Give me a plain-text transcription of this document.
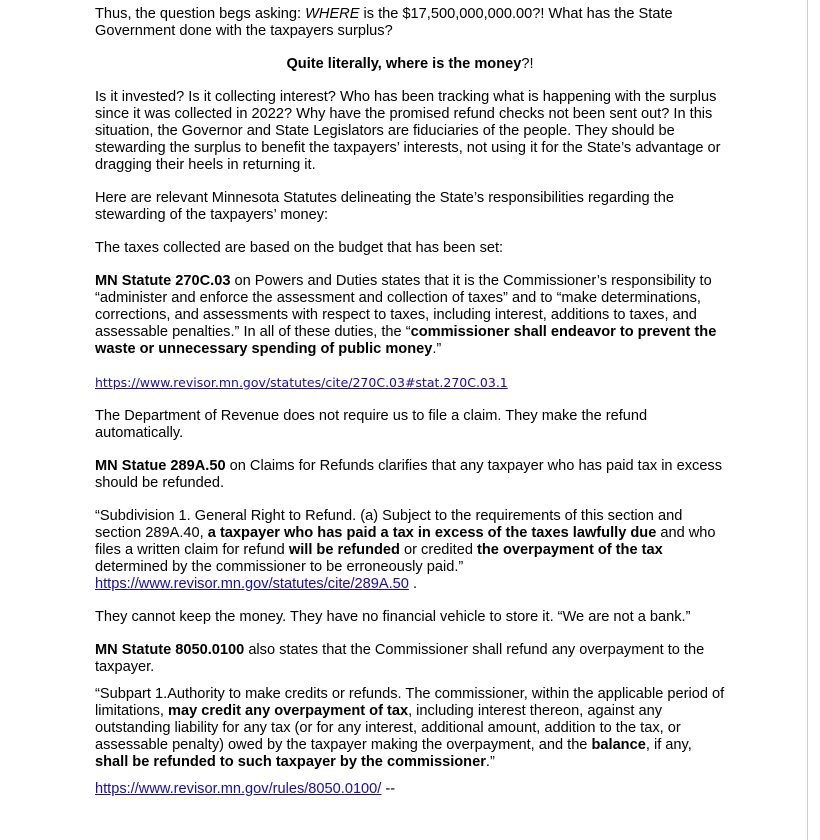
Thus, the question begs asking: WHERE is the $17,500,000,000.00?! What has the State Government done with the taxpayers surplus?

Quite literally, where is the money?!

Is it invested? Is it collecting interest? Who has been tracking what is happening with the surplus since it was collected in 2022? Why have the promised refund checks not been sent out? In this situation, the Governor and State Legislators are fiduciaries of the people. They should be stewarding the surplus to benefit the taxpayers’ interests, not using it for the State’s advantage or dragging their heels in returning it.

Here are relevant Minnesota Statutes delineating the State’s responsibilities regarding the stewarding of the taxpayers’ money:

The taxes collected are based on the budget that has been set:

MN Statute 270C.03 on Powers and Duties states that it is the Commissioner’s responsibility to “administer and enforce the assessment and collection of taxes” and to “make determinations, corrections, and assessments with respect to taxes, including interest, additions to taxes, and assessable penalties.” In all of these duties, the “commissioner shall endeavor to prevent the waste or unnecessary spending of public money.”

https://www.revisor.mn.gov/statutes/cite/270C.03#stat.270C.03.1

The Department of Revenue does not require us to file a claim. They make the refund automatically.

MN Statue 289A.50 on Claims for Refunds clarifies that any taxpayer who has paid tax in excess should be refunded.

“Subdivision 1. General Right to Refund. (a) Subject to the requirements of this section and section 289A.40, a taxpayer who has paid a tax in excess of the taxes lawfully due and who files a written claim for refund will be refunded or credited the overpayment of the tax determined by the commissioner to be erroneously paid.”
https://www.revisor.mn.gov/statutes/cite/289A.50 .

They cannot keep the money. They have no financial vehicle to store it. “We are not a bank.”

MN Statute 8050.0100 also states that the Commissioner shall refund any overpayment to the taxpayer.

“Subpart 1.Authority to make credits or refunds. The commissioner, within the applicable period of limitations, may credit any overpayment of tax, including interest thereon, against any outstanding liability for any tax (or for any interest, additional amount, addition to the tax, or assessable penalty) owed by the taxpayer making the overpayment, and the balance, if any, shall be refunded to such taxpayer by the commissioner.”

https://www.revisor.mn.gov/rules/8050.0100/ --
